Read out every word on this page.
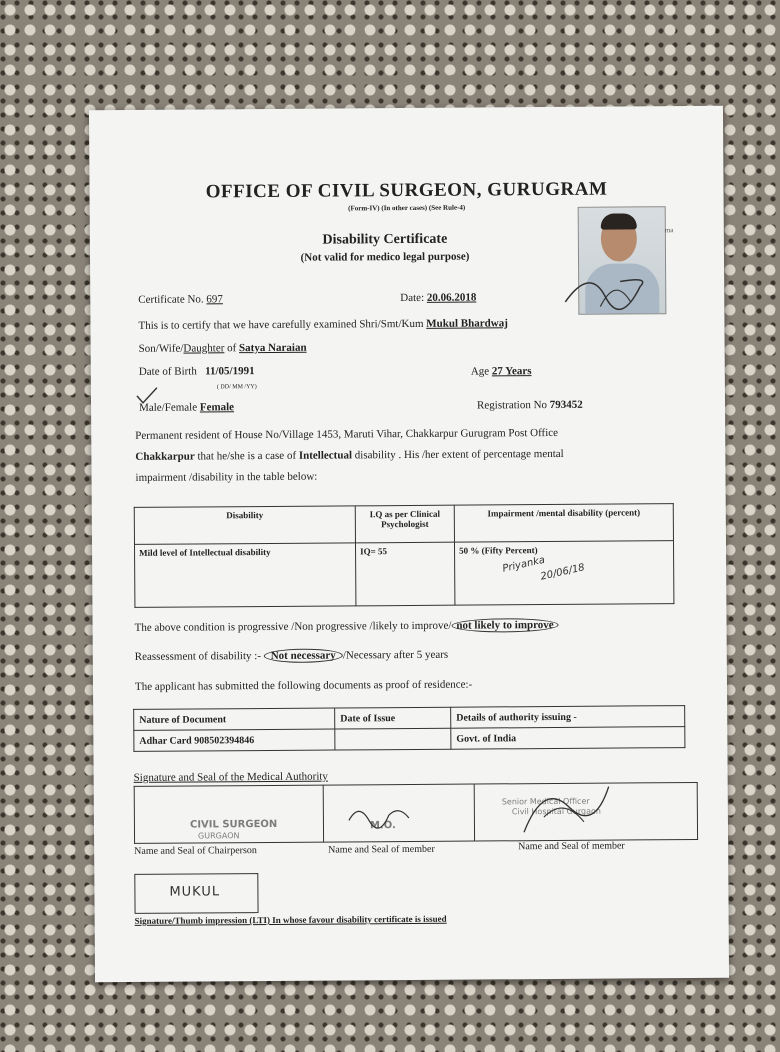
OFFICE OF CIVIL SURGEON, GURUGRAM
(Form-IV) (In other cases) (See Rule-4)
Disability Certificate
(Not valid for medico legal purpose)
ma
Certificate No. 697	Date: 20.06.2018
This is to certify that we have carefully examined Shri/Smt/Kum Mukul Bhardwaj
Son/Wife/Daughter of Satya Naraian
Date of Birth 11/05/1991
( DD/ MM /YY)
Age 27 Years
Male/Female Female	Registration No 793452
Permanent resident of House No/Village 1453, Maruti Vihar, Chakkarpur Gurugram Post Office
Chakkarpur that he/she is a case of Intellectual disability . His /her extent of percentage mental
impairment /disability in the table below:
Disability	I.Q as per Clinical Psychologist	Impairment /mental disability (percent)
Mild level of Intellectual disability	IQ= 55	50 % (Fifty Percent)
Priyanka
20/06/18
The above condition is progressive /Non progressive /likely to improve/ not likely to improve
Reassessment of disability :- Not necessary /Necessary after 5 years
The applicant has submitted the following documents as proof of residence:-
Nature of Document	Date of Issue	Details of authority issuing -
Adhar Card 908502394846		Govt. of India
Signature and Seal of the Medical Authority

CIVIL SURGEON
GURGAON
M.O.
Senior Medical Officer
Civil Hospital Gurgaon
Name and Seal of Chairperson	Name and Seal of member	Name and Seal of member
MUKUL
Signature/Thumb impression (LTI) In whose favour disability certificate is issued
